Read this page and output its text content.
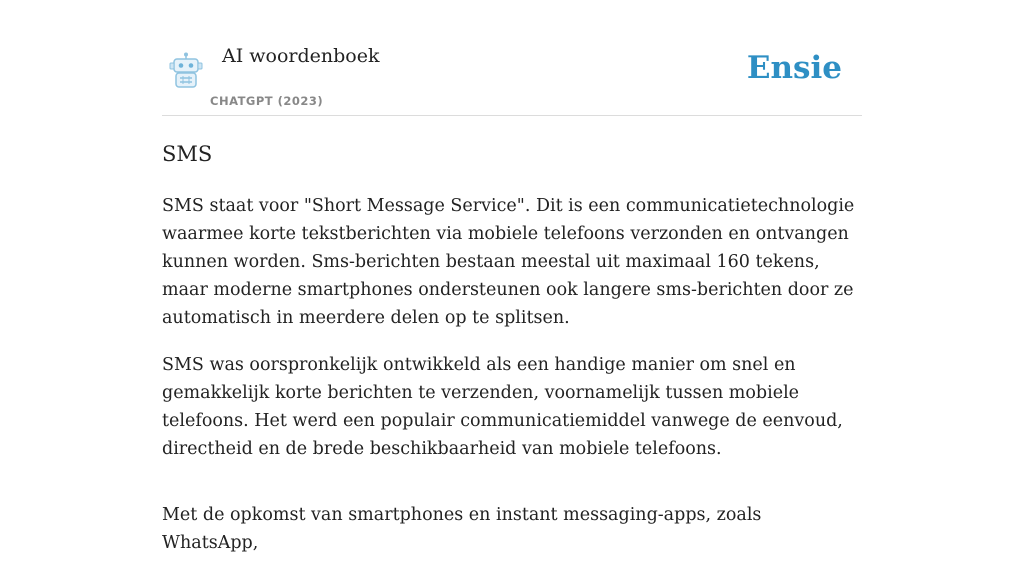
AI woordenboek
CHATGPT (2023)
Ensie
SMS

SMS staat voor "Short Message Service". Dit is een communicatietechnologie waarmee korte tekstberichten via mobiele telefoons verzonden en ontvangen kunnen worden. Sms-berichten bestaan meestal uit maximaal 160 tekens, maar moderne smartphones ondersteunen ook langere sms-berichten door ze automatisch in meerdere delen op te splitsen.

SMS was oorspronkelijk ontwikkeld als een handige manier om snel en gemakkelijk korte berichten te verzenden, voornamelijk tussen mobiele telefoons. Het werd een populair communicatiemiddel vanwege de eenvoud, directheid en de brede beschikbaarheid van mobiele telefoons.

Met de opkomst van smartphones en instant messaging-apps, zoals WhatsApp,
